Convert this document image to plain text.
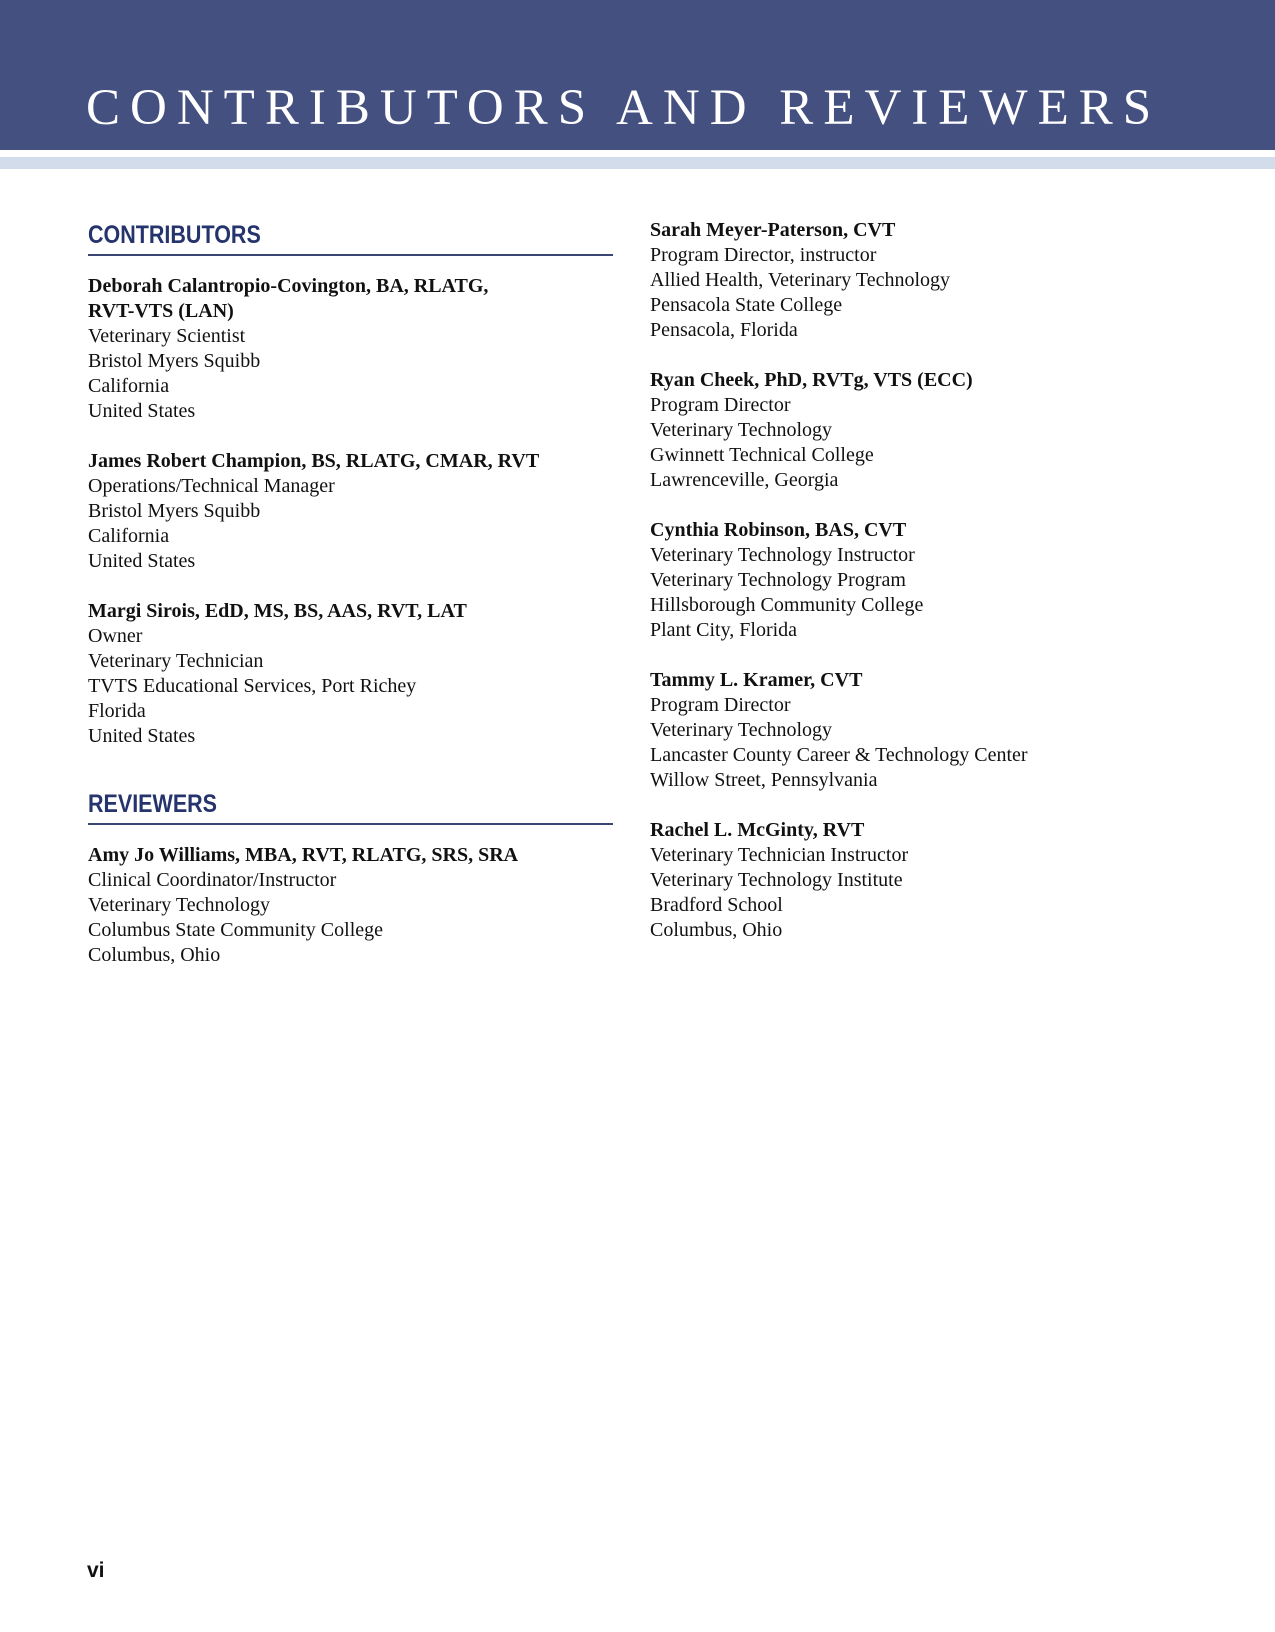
CONTRIBUTORS AND REVIEWERS
CONTRIBUTORS
Deborah Calantropio-Covington, BA, RLATG,
RVT-VTS (LAN)
Veterinary Scientist
Bristol Myers Squibb
California
United States
James Robert Champion, BS, RLATG, CMAR, RVT
Operations/Technical Manager
Bristol Myers Squibb
California
United States
Margi Sirois, EdD, MS, BS, AAS, RVT, LAT
Owner
Veterinary Technician
TVTS Educational Services, Port Richey
Florida
United States
REVIEWERS
Amy Jo Williams, MBA, RVT, RLATG, SRS, SRA
Clinical Coordinator/Instructor
Veterinary Technology
Columbus State Community College
Columbus, Ohio
Sarah Meyer-Paterson, CVT
Program Director, instructor
Allied Health, Veterinary Technology
Pensacola State College
Pensacola, Florida
Ryan Cheek, PhD, RVTg, VTS (ECC)
Program Director
Veterinary Technology
Gwinnett Technical College
Lawrenceville, Georgia
Cynthia Robinson, BAS, CVT
Veterinary Technology Instructor
Veterinary Technology Program
Hillsborough Community College
Plant City, Florida
Tammy L. Kramer, CVT
Program Director
Veterinary Technology
Lancaster County Career & Technology Center
Willow Street, Pennsylvania
Rachel L. McGinty, RVT
Veterinary Technician Instructor
Veterinary Technology Institute
Bradford School
Columbus, Ohio
vi
